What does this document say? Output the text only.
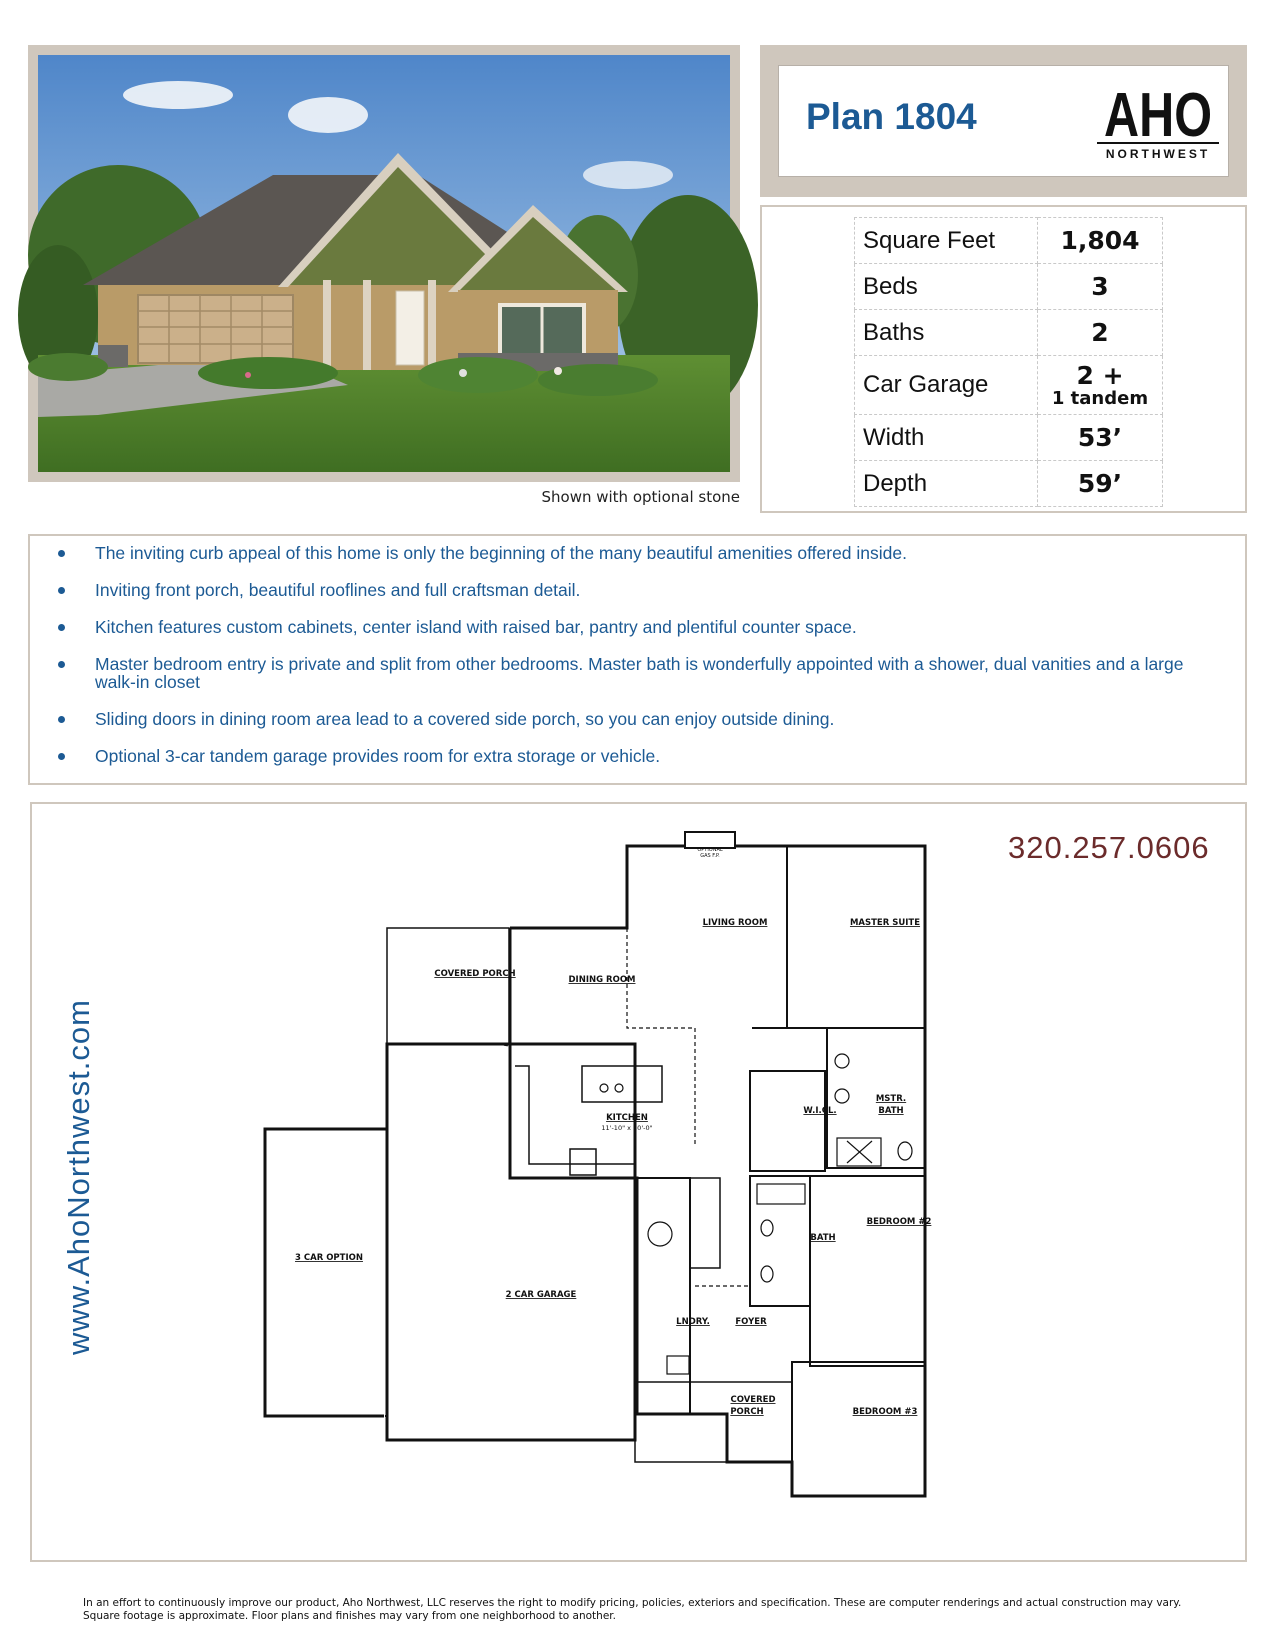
Shown with optional stone
Plan 1804 AHO
NORTHWEST
Square Feet	1,804
Beds	3
Baths	2
Car Garage	2 +
1 tandem

Width	53’
Depth	59’
The inviting curb appeal of this home is only the beginning of the many beautiful amenities offered inside.
Inviting front porch, beautiful rooflines and full craftsman detail.
Kitchen features custom cabinets, center island with raised bar, pantry and plentiful counter space.
Master bedroom entry is private and split from other bedrooms. Master bath is wonderfully appointed with a shower, dual vanities and a large walk-in closet
Sliding doors in dining room area lead to a covered side porch, so you can enjoy outside dining.
Optional 3-car tandem garage provides room for extra storage or vehicle.
www.AhoNorthwest.com
320.257.0606
OPTIONAL
GAS F.P.
LIVING ROOM	MASTER SUITE
COVERED PORCH
DINING ROOM
KITCHEN
11'-10" x 10'-0"
W.I.CL.
MSTR.
BATH
3 CAR OPTION
2 CAR GARAGE
BEDROOM #2
BATH
LNDRY.	FOYER
COVERED
PORCH	BEDROOM #3
In an effort to continuously improve our product, Aho Northwest, LLC reserves the right to modify pricing, policies, exteriors and specification. These are computer renderings and actual construction may vary. Square footage is approximate. Floor plans and finishes may vary from one neighborhood to another.
